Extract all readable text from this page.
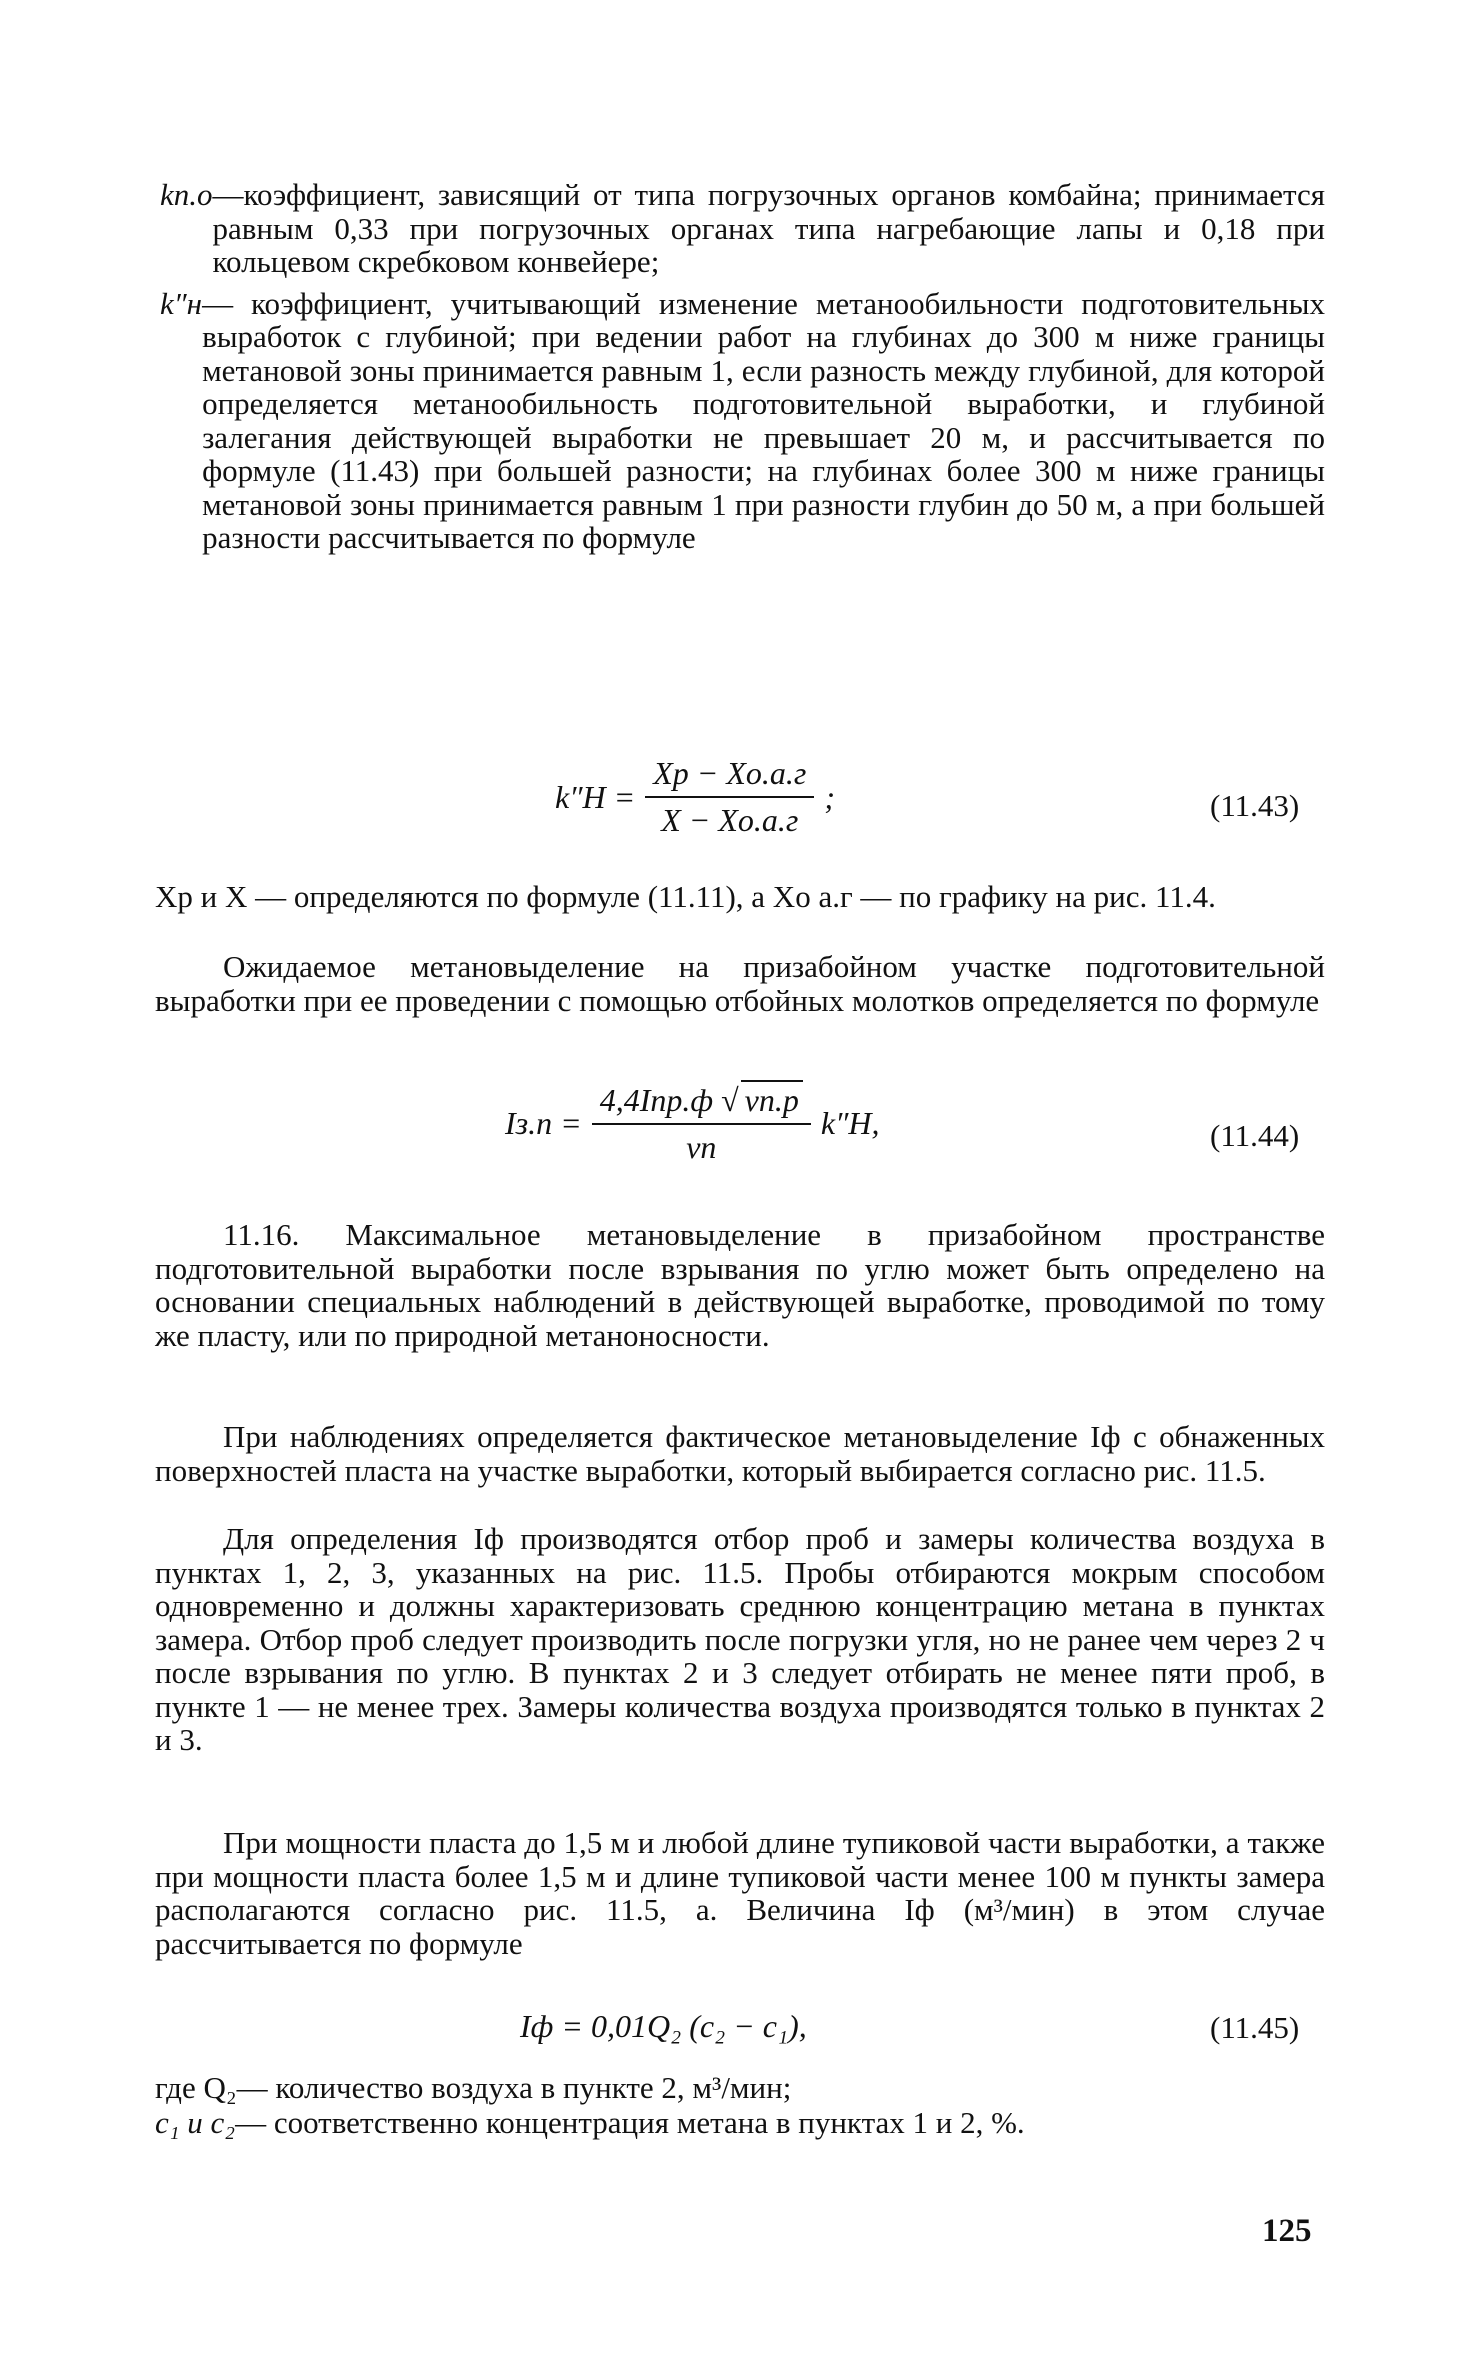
kп.о —коэффициент, зависящий от типа погрузочных органов комбайна; принимается равным 0,33 при погрузочных органах типа нагребающие лапы и 0,18 при кольцевом скребковом конвейере;
k″н — коэффициент, учитывающий изменение метанообильности подготовительных выработок с глубиной; при ведении работ на глубинах до 300 м ниже границы метановой зоны принимается равным 1, если разность между глубиной, для которой определяется метанообильность подготовительной выработки, и глубиной залегания действующей выработки не превышает 20 м, и рассчитывается по формуле (11.43) при большей разности; на глубинах более 300 м ниже границы метановой зоны принимается равным 1 при разности глубин до 50 м, а при большей разности рассчитывается по формуле
$k''H = \frac{Xр - Xо.а.г}{X - Xо.а.г}$ ;	(11.43)
Xр и X — определяются по формуле (11.11), а Xо а.г — по графику на рис. 11.4.
Ожидаемое метановыделение на призабойном участке подготовительной выработки при ее проведении с помощью отбойных молотков определяется по формуле
$Iз.п = \frac{\text{4,4Iпр.ф √ vп.р}}{vп} k''H$,	(11.44)
11.16. Максимальное метановыделение в призабойном пространстве подготовительной выработки после взрывания по углю может быть определено на основании специальных наблюдений в действующей выработке, проводимой по тому же пласту, или по природной метаноносности.
При наблюдениях определяется фактическое метановыделение Iф с обнаженных поверхностей пласта на участке выработки, который выбирается согласно рис. 11.5.
Для определения Iф производятся отбор проб и замеры количества воздуха в пунктах 1, 2, 3, указанных на рис. 11.5. Пробы отбираются мокрым способом одновременно и должны характеризовать среднюю концентрацию метана в пунктах замера. Отбор проб следует производить после погрузки угля, но не ранее чем через 2 ч после взрывания по углю. В пунктах 2 и 3 следует отбирать не менее пяти проб, в пункте 1 — не менее трех. Замеры количества воздуха производятся только в пунктах 2 и 3.
При мощности пласта до 1,5 м и любой длине тупиковой части выработки, а также при мощности пласта более 1,5 м и длине тупиковой части менее 100 м пункты замера располагаются согласно рис. 11.5, а. Величина Iф (м³/мин) в этом случае рассчитывается по формуле
Iф = 0,01Q₂ (c₂ − c₁),	(11.45)
где Q₂ — количество воздуха в пункте 2, м³/мин;
c₁ и c₂ — соответственно концентрация метана в пунктах 1 и 2, %.
125
